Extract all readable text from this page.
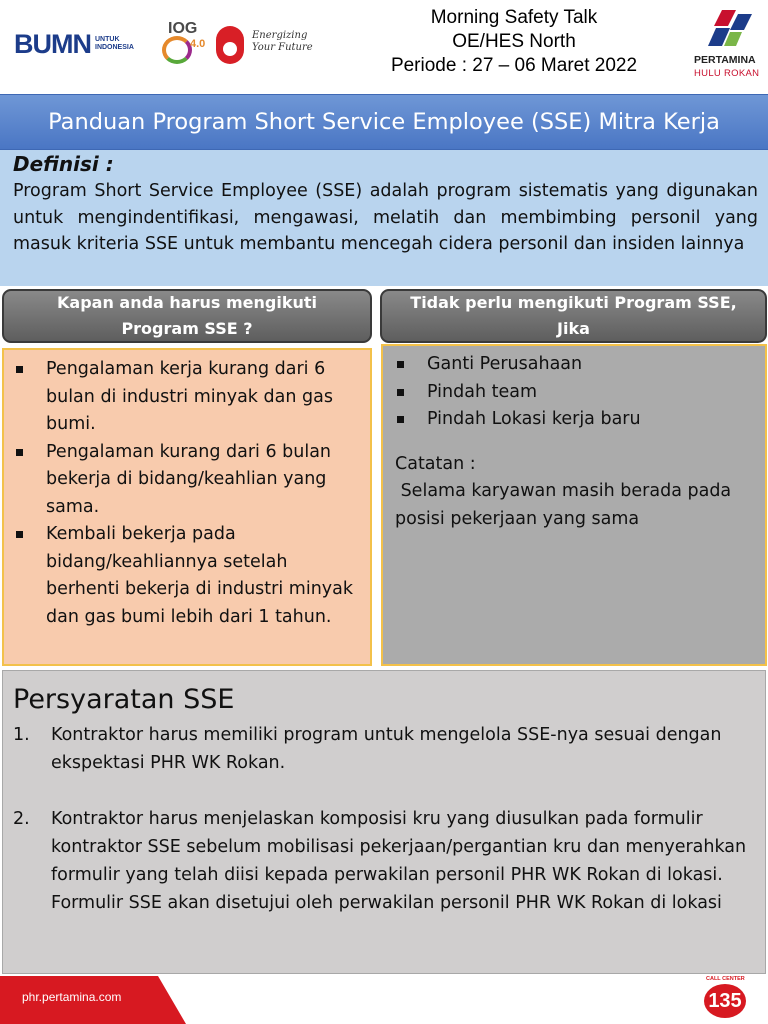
BUMN UNTUK
INDONESIA
IOG
4.0
Energizing
Your Future
Morning Safety Talk
OE/HES North
Periode : 27 – 06 Maret 2022	PERTAMINA
HULU ROKAN
Panduan Program Short Service Employee (SSE) Mitra Kerja
Definisi :
Program Short Service Employee (SSE) adalah program sistematis yang digunakan untuk mengindentifikasi, mengawasi, melatih dan membimbing personil yang masuk kriteria SSE untuk membantu mencegah cidera personil dan insiden lainnya
Kapan anda harus mengikuti
Program SSE ?
Tidak perlu mengikuti Program SSE,
Jika
Pengalaman kerja kurang dari 6 bulan di industri minyak dan gas bumi.
Pengalaman kurang dari 6 bulan bekerja di bidang/keahlian yang sama.
Kembali bekerja pada bidang/keahliannya setelah berhenti bekerja di industri minyak dan gas bumi lebih dari 1 tahun.
Ganti Perusahaan
Pindah team
Pindah Lokasi kerja baru
Catatan :
Selama karyawan masih berada pada posisi pekerjaan yang sama
Persyaratan SSE
1. Kontraktor harus memiliki program untuk mengelola SSE-nya sesuai dengan ekspektasi PHR WK Rokan.
2. Kontraktor harus menjelaskan komposisi kru yang diusulkan pada formulir kontraktor SSE sebelum mobilisasi pekerjaan/pergantian kru dan menyerahkan formulir yang telah diisi kepada perwakilan personil PHR WK Rokan di lokasi. Formulir SSE akan disetujui oleh perwakilan personil PHR WK Rokan di lokasi
phr.pertamina.com
CALL CENTER
135
